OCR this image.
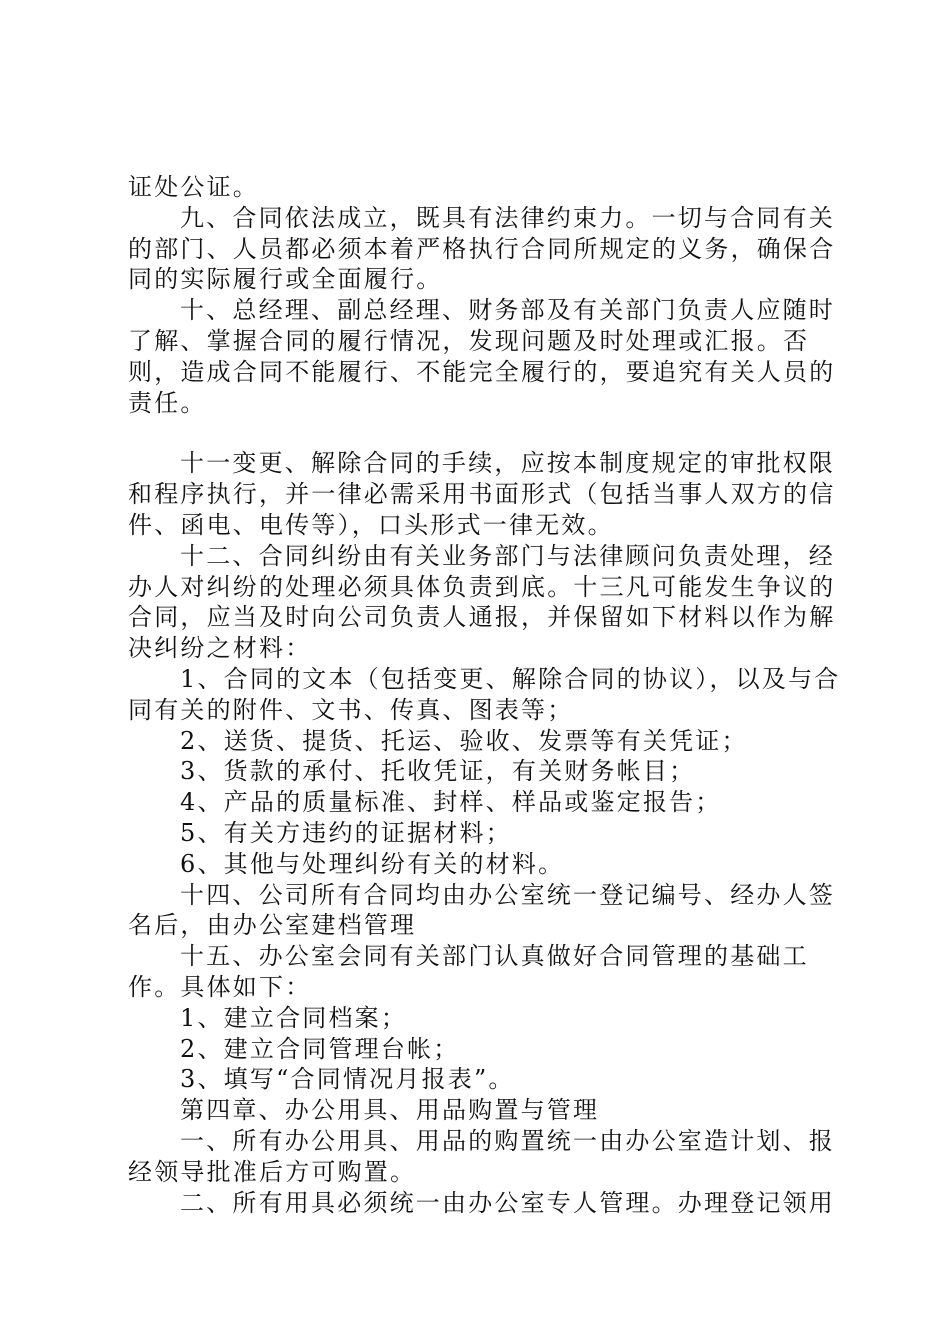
证处公证。

九、合同依法成立，既具有法律约束力。一切与合同有关的部门、人员都必须本着严格执行合同所规定的义务，确保合同的实际履行或全面履行。

十、总经理、副总经理、财务部及有关部门负责人应随时了解、掌握合同的履行情况，发现问题及时处理或汇报。否则，造成合同不能履行、不能完全履行的，要追究有关人员的责任。

十一变更、解除合同的手续，应按本制度规定的审批权限和程序执行，并一律必需采用书面形式（包括当事人双方的信件、函电、电传等），口头形式一律无效。

十二、合同纠纷由有关业务部门与法律顾问负责处理，经办人对纠纷的处理必须具体负责到底。十三凡可能发生争议的合同，应当及时向公司负责人通报，并保留如下材料以作为解决纠纷之材料：

1、合同的文本（包括变更、解除合同的协议），以及与合同有关的附件、文书、传真、图表等；

2、送货、提货、托运、验收、发票等有关凭证；

3、货款的承付、托收凭证，有关财务帐目；

4、产品的质量标准、封样、样品或鉴定报告；

5、有关方违约的证据材料；

6、其他与处理纠纷有关的材料。

十四、公司所有合同均由办公室统一登记编号、经办人签名后，由办公室建档管理

十五、办公室会同有关部门认真做好合同管理的基础工作。具体如下：

1、建立合同档案；

2、建立合同管理台帐；

3、填写“合同情况月报表”。

第四章、办公用具、用品购置与管理

一、所有办公用具、用品的购置统一由办公室造计划、报经领导批准后方可购置。

二、所有用具必须统一由办公室专人管理。办理登记领用
